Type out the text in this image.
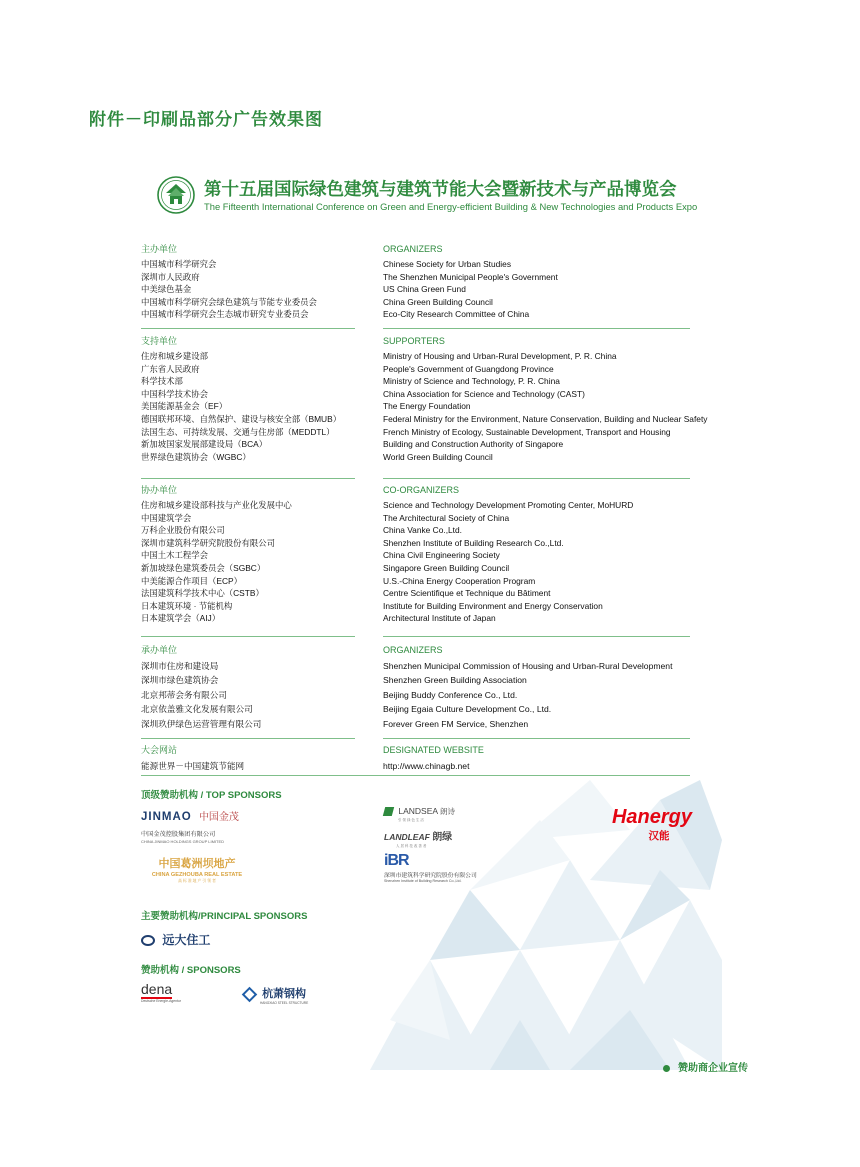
附件－印刷品部分广告效果图
第十五届国际绿色建筑与建筑节能大会暨新技术与产品博览会
The Fifteenth International Conference on Green and Energy-efficient Building & New Technologies and Products Expo
主办单位
中国城市科学研究会
深圳市人民政府
中美绿色基金
中国城市科学研究会绿色建筑与节能专业委员会
中国城市科学研究会生态城市研究专业委员会
ORGANIZERS
Chinese Society for Urban Studies
The Shenzhen Municipal People's Government
US China Green Fund
China Green Building Council
Eco-City Research Committee of China
支持单位
住房和城乡建设部
广东省人民政府
科学技术部
中国科学技术协会
美国能源基金会（EF）
德国联邦环境、自然保护、建设与核安全部（BMUB）
法国生态、可持续发展、交通与住房部（MEDDTL）
新加坡国家发展部建设局（BCA）
世界绿色建筑协会（WGBC）
SUPPORTERS
Ministry of Housing and Urban-Rural Development, P. R. China
People's Government of Guangdong Province
Ministry of Science and Technology, P. R. China
China Association for Science and Technology (CAST)
The Energy Foundation
Federal Ministry for the Environment, Nature Conservation, Building and Nuclear Safety
French Ministry of Ecology, Sustainable Development, Transport and Housing
Building and Construction Authority of Singapore
World Green Building Council
协办单位
住房和城乡建设部科技与产业化发展中心
中国建筑学会
万科企业股份有限公司
深圳市建筑科学研究院股份有限公司
中国土木工程学会
新加坡绿色建筑委员会（SGBC）
中美能源合作项目（ECP）
法国建筑科学技术中心（CSTB）
日本建筑环境 · 节能机构
日本建筑学会（AIJ）
CO-ORGANIZERS
Science and Technology Development Promoting Center, MoHURD
The Architectural Society of China
China Vanke Co.,Ltd.
Shenzhen Institute of Building Research Co.,Ltd.
China Civil Engineering Society
Singapore Green Building Council
U.S.-China Energy Cooperation Program
Centre Scientifique et Technique du Bâtiment
Institute for Building Environment and Energy Conservation
Architectural Institute of Japan
承办单位
深圳市住房和建设局
深圳市绿色建筑协会
北京邦蒂会务有限公司
北京依盖雅文化发展有限公司
深圳玖伊绿色运营管理有限公司
ORGANIZERS
Shenzhen Municipal Commission of Housing and Urban-Rural Development
Shenzhen Green Building Association
Beijing Buddy Conference Co., Ltd.
Beijing Egaia Culture Development Co., Ltd.
Forever Green FM Service, Shenzhen
大会网站
能源世界－中国建筑节能网
DESIGNATED WEBSITE
http://www.chinagb.net
顶级赞助机构 / TOP SPONSORS
JINMAO 中国金茂
中国金茂控股集团有限公司
CHINA JINMAO HOLDINGS GROUP LIMITED
中国葛洲坝地产
CHINA GEZHOUBA REAL ESTATE
高 标 准 地 产 引 领 者
LANDSEA 朗诗
引 领 绿 色 生 活
LANDLEAF 朗绿
人 居 科 技 改 善 者
iBR
深圳市建筑科学研究院股份有限公司
Shenzhen Institute of Building Research Co.,Ltd.
Hanergy
汉能
主要赞助机构/PRINCIPAL SPONSORS
远大住工
赞助机构 / SPONSORS
dena
Deutsche Energie-Agentur
杭萧钢构
HANGXIAO STEEL STRUCTURE
赞助商企业宣传
